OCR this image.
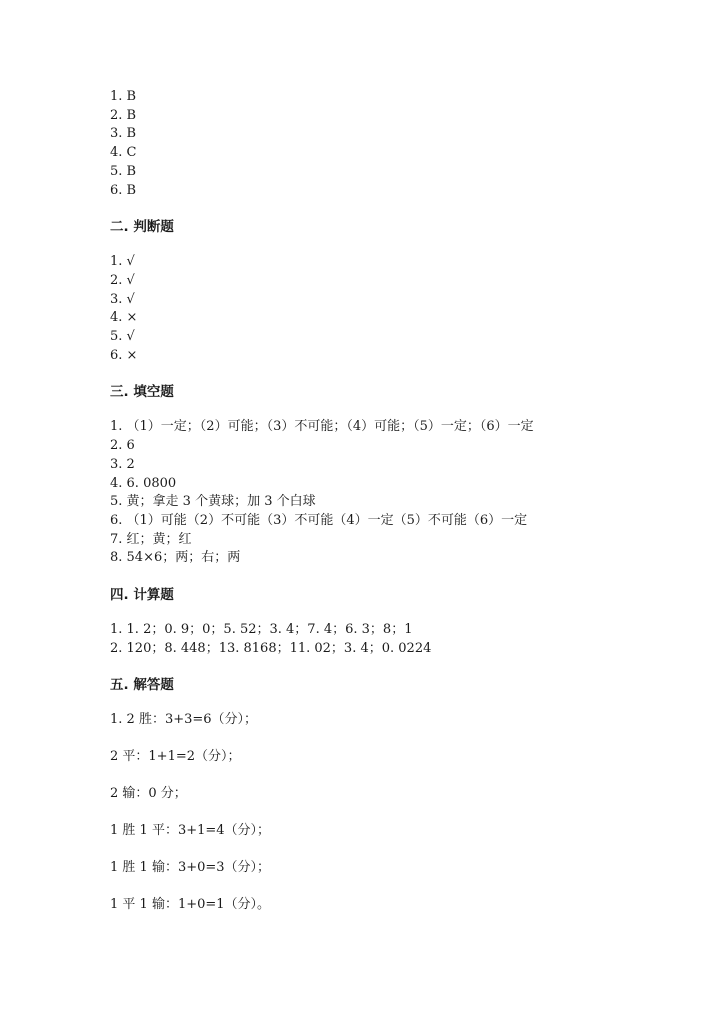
1. B

2. B

3. B

4. C

5. B

6. B

二. 判断题

1. √

2. √

3. √

4. ×

5. √

6. ×

三. 填空题

1. （1）一定；（2）可能；（3）不可能；（4）可能；（5）一定；（6）一定

2. 6

3. 2

4. 6. 0800

5. 黄；拿走 3 个黄球；加 3 个白球

6. （1）可能（2）不可能（3）不可能（4）一定（5）不可能（6）一定

7. 红；黄；红

8. 54×6；两；右；两

四. 计算题

1. 1. 2；0. 9；0；5. 52；3. 4；7. 4；6. 3；8；1

2. 120；8. 448；13. 8168；11. 02；3. 4；0. 0224

五. 解答题

1. 2 胜：3+3=6（分）；

2 平：1+1=2（分）；

2 输：0 分；

1 胜 1 平：3+1=4（分）；

1 胜 1 输：3+0=3（分）；

1 平 1 输：1+0=1（分）。
